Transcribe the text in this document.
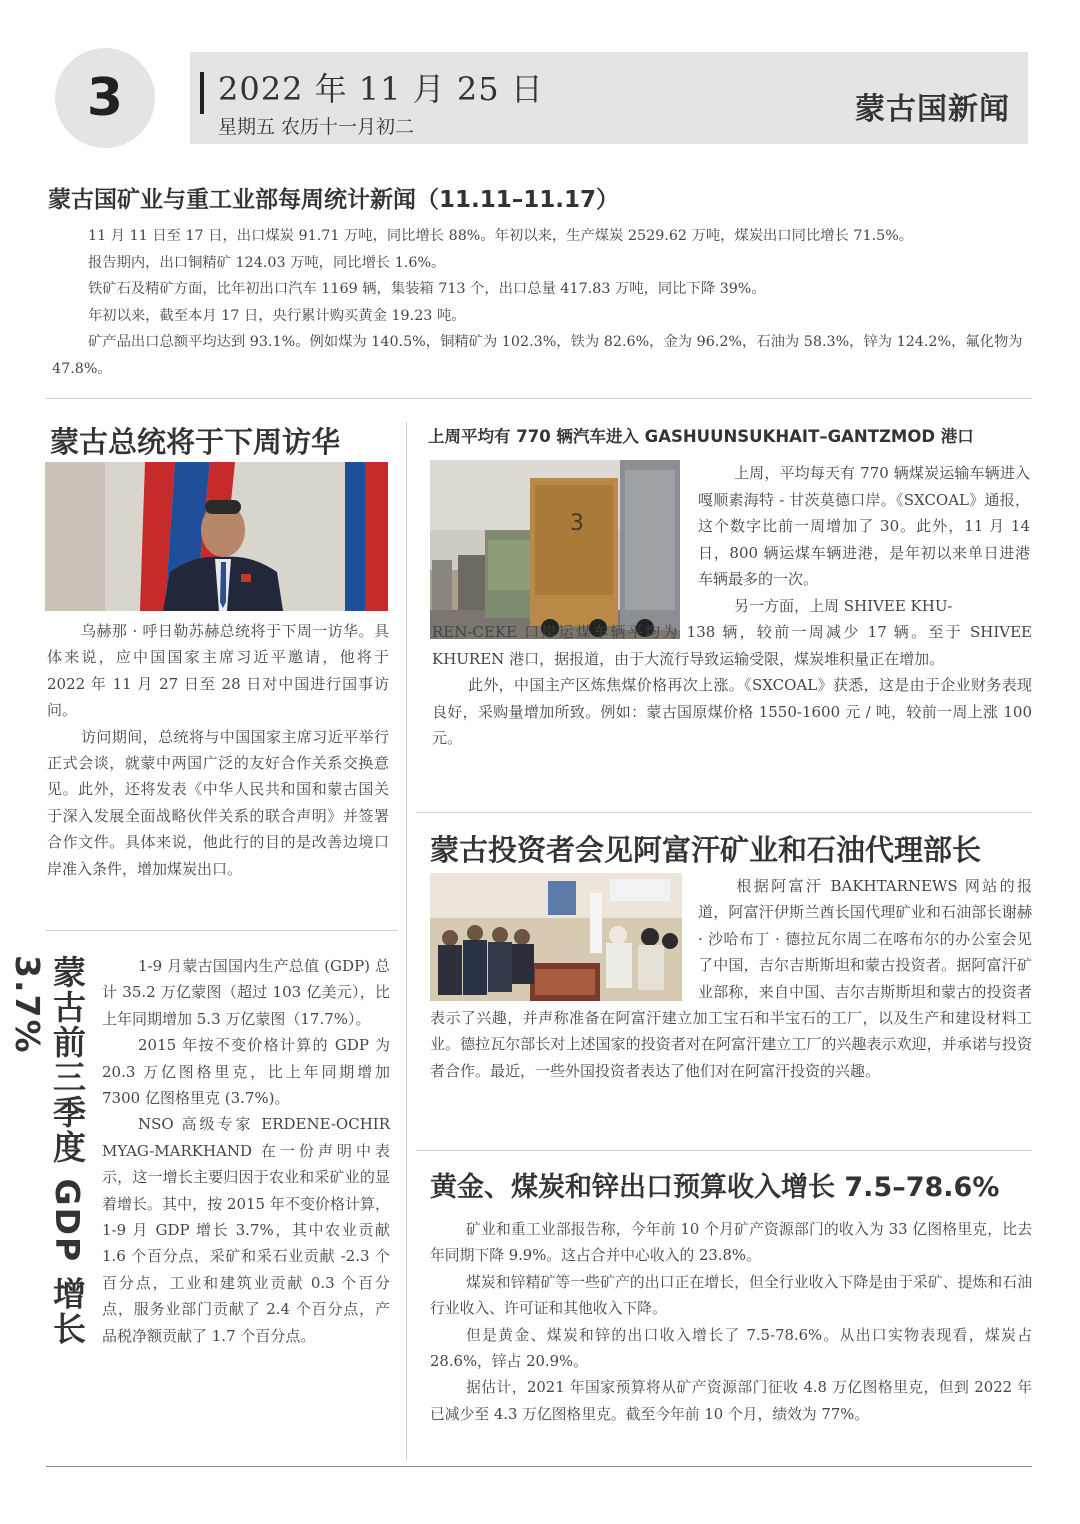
3	2022 年 11 月 25 日
星期五 农历十一月初二	蒙古国新闻
蒙古国矿业与重工业部每周统计新闻（11.11–11.17）

11 月 11 日至 17 日，出口煤炭 91.71 万吨，同比增长 88%。年初以来，生产煤炭 2529.62 万吨，煤炭出口同比增长 71.5%。

报告期内，出口铜精矿 124.03 万吨，同比增长 1.6%。

铁矿石及精矿方面，比年初出口汽车 1169 辆，集装箱 713 个，出口总量 417.83 万吨，同比下降 39%。

年初以来，截至本月 17 日，央行累计购买黄金 19.23 吨。

矿产品出口总额平均达到 93.1%。例如煤为 140.5%，铜精矿为 102.3%，铁为 82.6%，金为 96.2%，石油为 58.3%，锌为 124.2%，氟化物为 47.8%。

蒙古总统将于下周访华

乌赫那 · 呼日勒苏赫总统将于下周一访华。具体来说，应中国国家主席习近平邀请，他将于 2022 年 11 月 27 日至 28 日对中国进行国事访问。

访问期间，总统将与中国国家主席习近平举行正式会谈，就蒙中两国广泛的友好合作关系交换意见。此外，还将发表《中华人民共和国和蒙古国关于深入发展全面战略伙伴关系的联合声明》并签署合作文件。具体来说，他此行的目的是改善边境口岸准入条件，增加煤炭出口。

蒙古前三季度 GDP 增长 3.7%	1-9 月蒙古国国内生产总值 (GDP) 总计 35.2 万亿蒙图（超过 103 亿美元），比上年同期增加 5.3 万亿蒙图（17.7%）。

2015 年按不变价格计算的 GDP 为 20.3 万亿图格里克，比上年同期增加 7300 亿图格里克 (3.7%)。

NSO 高级专家 ERDENE-OCHIR MYAG-MARKHAND 在一份声明中表示，这一增长主要归因于农业和采矿业的显着增长。其中，按 2015 年不变价格计算，1-9 月 GDP 增长 3.7%，其中农业贡献 1.6 个百分点，采矿和采石业贡献 -2.3 个百分点，工业和建筑业贡献 0.3 个百分点，服务业部门贡献了 2.4 个百分点，产品税净额贡献了 1.7 个百分点。

上周平均有 770 辆汽车进入 GASHUUNSUKHAIT–GANTZMOD 港口
3

上周，平均每天有 770 辆煤炭运输车辆进入嘎顺素海特 - 甘茨莫德口岸。《SXCOAL》通报，这个数字比前一周增加了 30。此外，11 月 14 日，800 辆运煤车辆进港，是年初以来单日进港车辆最多的一次。

另一方面，上周 SHIVEE KHU-

REN-CEKE 口岸运煤车辆平均为 138 辆，较前一周减少 17 辆。至于 SHIVEE KHUREN 港口，据报道，由于大流行导致运输受限，煤炭堆积量正在增加。

此外，中国主产区炼焦煤价格再次上涨。《SXCOAL》获悉，这是由于企业财务表现良好，采购量增加所致。例如：蒙古国原煤价格 1550-1600 元 / 吨，较前一周上涨 100 元。

蒙古投资者会见阿富汗矿业和石油代理部长
根据阿富汗 BAKHTARNEWS 网站的报道，阿富汗伊斯兰酋长国代理矿业和石油部长谢赫 · 沙哈布丁 · 德拉瓦尔周二在喀布尔的办公室会见了中国，吉尔吉斯斯坦和蒙古投资者。据阿富汗矿业部称，来自中国、吉尔吉斯斯坦和蒙古的投资者表示了兴趣，并声称准备在阿富汗建立加工宝石和半宝石的工厂，以及生产和建设材料工业。德拉瓦尔部长对上述国家的投资者对在阿富汗建立工厂的兴趣表示欢迎，并承诺与投资者合作。最近，一些外国投资者表达了他们对在阿富汗投资的兴趣。
黄金、煤炭和锌出口预算收入增长 7.5–78.6%

矿业和重工业部报告称，今年前 10 个月矿产资源部门的收入为 33 亿图格里克，比去年同期下降 9.9%。这占合并中心收入的 23.8%。

煤炭和锌精矿等一些矿产的出口正在增长，但全行业收入下降是由于采矿、提炼和石油行业收入、许可证和其他收入下降。

但是黄金、煤炭和锌的出口收入增长了 7.5-78.6%。从出口实物表现看，煤炭占 28.6%，锌占 20.9%。

据估计，2021 年国家预算将从矿产资源部门征收 4.8 万亿图格里克，但到 2022 年已减少至 4.3 万亿图格里克。截至今年前 10 个月，绩效为 77%。
